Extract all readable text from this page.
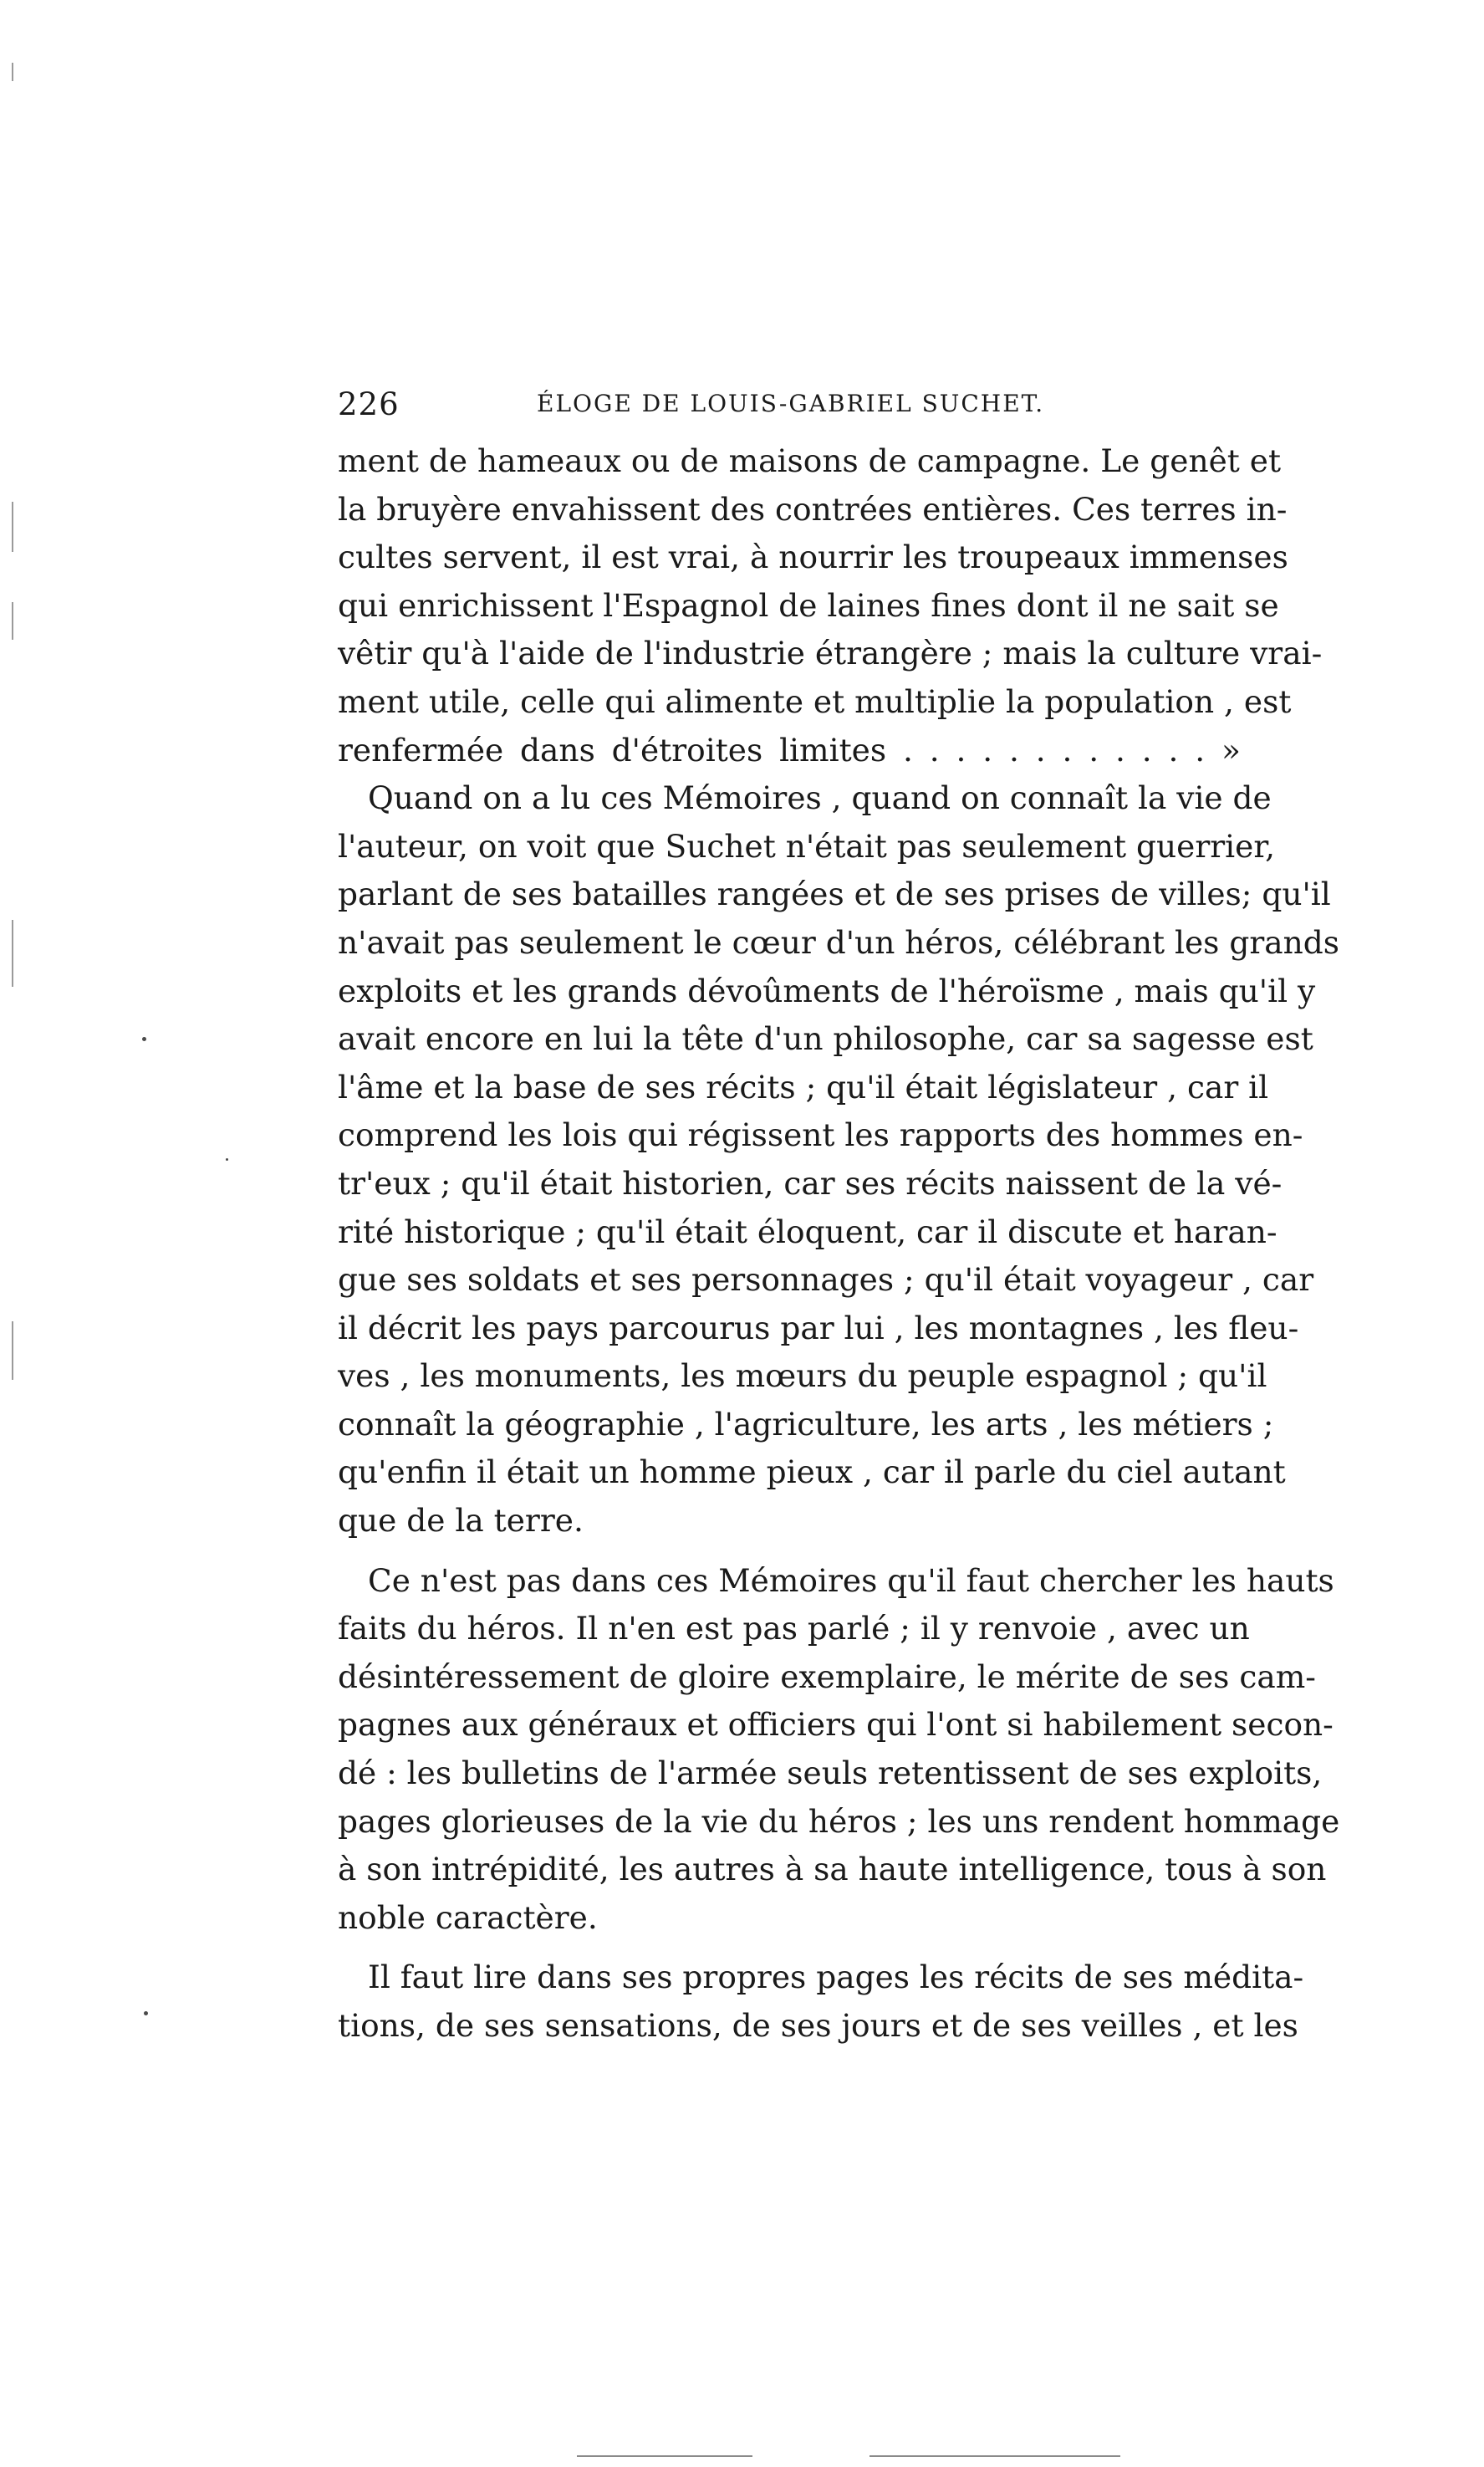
226	ÉLOGE DE LOUIS-GABRIEL SUCHET.
ment de hameaux ou de maisons de campagne. Le genêt et
la bruyère envahissent des contrées entières. Ces terres in-
cultes servent, il est vrai, à nourrir les troupeaux immenses
qui enrichissent l'Espagnol de laines fines dont il ne sait se
vêtir qu'à l'aide de l'industrie étrangère ; mais la culture vrai-
ment utile, celle qui alimente et multiplie la population , est
renfermée dans d'étroites limites . . . . . . . . . . . . »
Quand on a lu ces Mémoires , quand on connaît la vie de
l'auteur, on voit que Suchet n'était pas seulement guerrier,
parlant de ses batailles rangées et de ses prises de villes; qu'il
n'avait pas seulement le cœur d'un héros, célébrant les grands
exploits et les grands dévoûments de l'héroïsme , mais qu'il y
avait encore en lui la tête d'un philosophe, car sa sagesse est
l'âme et la base de ses récits ; qu'il était législateur , car il
comprend les lois qui régissent les rapports des hommes en-
tr'eux ; qu'il était historien, car ses récits naissent de la vé-
rité historique ; qu'il était éloquent, car il discute et haran-
gue ses soldats et ses personnages ; qu'il était voyageur , car
il décrit les pays parcourus par lui , les montagnes , les fleu-
ves , les monuments, les mœurs du peuple espagnol ; qu'il
connaît la géographie , l'agriculture, les arts , les métiers ;
qu'enfin il était un homme pieux , car il parle du ciel autant
que de la terre.
Ce n'est pas dans ces Mémoires qu'il faut chercher les hauts
faits du héros. Il n'en est pas parlé ; il y renvoie , avec un
désintéressement de gloire exemplaire, le mérite de ses cam-
pagnes aux généraux et officiers qui l'ont si habilement secon-
dé : les bulletins de l'armée seuls retentissent de ses exploits,
pages glorieuses de la vie du héros ; les uns rendent hommage
à son intrépidité, les autres à sa haute intelligence, tous à son
noble caractère.
Il faut lire dans ses propres pages les récits de ses médita-
tions, de ses sensations, de ses jours et de ses veilles , et les
